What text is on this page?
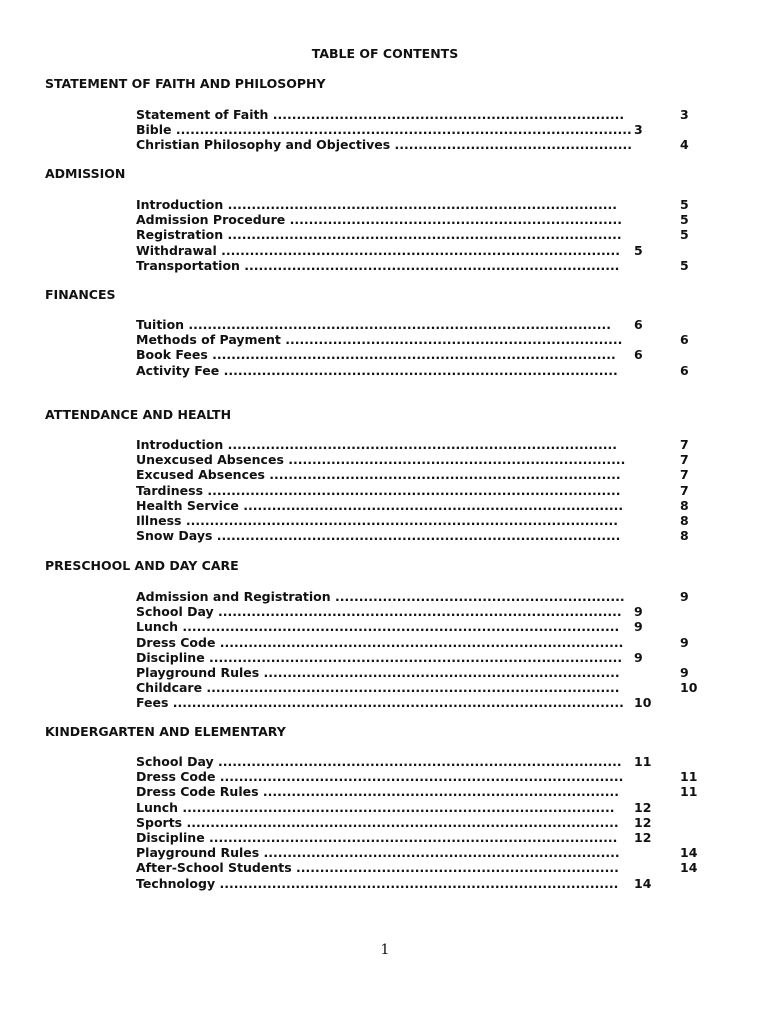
TABLE OF CONTENTS
STATEMENT OF FAITH AND PHILOSOPHY
Statement of Faith ..........................................................................	3
Bible ................................................................................................ 3
Christian Philosophy and Objectives ..................................................	4
ADMISSION
Introduction ..................................................................................	5
Admission Procedure ......................................................................	5
Registration ...................................................................................	5
Withdrawal .................................................................................... 5
Transportation ...............................................................................	5
FINANCES
Tuition ......................................................................................... 6
Methods of Payment .......................................................................	6
Book Fees ..................................................................................... 6
Activity Fee ...................................................................................	6
ATTENDANCE AND HEALTH
Introduction ..................................................................................	7
Unexcused Absences .......................................................................	7
Excused Absences ..........................................................................	7
Tardiness .......................................................................................	7
Health Service ................................................................................	8
Illness ...........................................................................................	8
Snow Days .....................................................................................	8
PRESCHOOL AND DAY CARE
Admission and Registration .............................................................	9
School Day ..................................................................................... 9
Lunch ............................................................................................ 9
Dress Code .....................................................................................	9
Discipline ....................................................................................... 9
Playground Rules ...........................................................................	9
Childcare .......................................................................................	10
Fees ............................................................................................... 10
KINDERGARTEN AND ELEMENTARY
School Day ..................................................................................... 11
Dress Code .....................................................................................	11
Dress Code Rules ...........................................................................	11
Lunch ........................................................................................... 12
Sports ........................................................................................... 12
Discipline ...................................................................................... 12
Playground Rules ...........................................................................	14
After-School Students ....................................................................	14
Technology .................................................................................... 14
1
